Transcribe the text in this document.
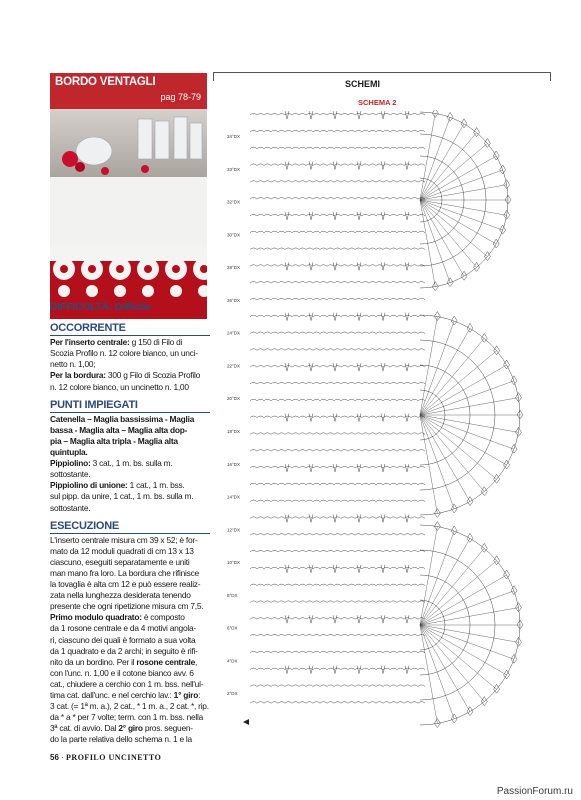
BORDO VENTAGLI
pag 78-79
DIFFICOLTÀ: Difficile
OCCORRENTE

Per l'inserto centrale: g 150 di Filo di

Scozia Profilo n. 12 colore bianco, un unci-

netto n. 1,00;

Per la bordura: 300 g Filo di Scozia Profilo

n. 12 colore bianco, un uncinetto n. 1,00

PUNTI IMPIEGATI

Catenella – Maglia bassissima - Maglia

bassa - Maglia alta – Maglia alta dop-

pia – Maglia alta tripla - Maglia alta

quintupla.

Pippiolino: 3 cat., 1 m. bs. sulla m.

sottostante.

Pippiolino di unione: 1 cat., 1 m. bss.

sul pipp. da unire, 1 cat., 1 m. bs. sulla m.

sottostante.

ESECUZIONE

L'inserto centrale misura cm 39 x 52; è for-

mato da 12 moduli quadrati di cm 13 x 13

ciascuno, eseguiti separatamente e uniti

man mano fra loro. La bordura che rifinisce

la tovaglia è alta cm 12 e può essere realiz-

zata nella lunghezza desiderata tenendo

presente che ogni ripetizione misura cm 7,5.

Primo modulo quadrato: è composto

da 1 rosone centrale e da 4 motivi angola-

ri, ciascuno dei quali è formato a sua volta

da 1 quadrato e da 2 archi; in seguito è rifi-

nito da un bordino. Per il rosone centrale,

con l'unc. n. 1,00 e il cotone bianco avv. 6

cat., chiudere a cerchio con 1 m. bss. nell'ul-

tima cat. dall'unc. e nel cerchio lav.: 1° giro:

3 cat. (= 1ª m. a.), 2 cat., * 1 m. a., 2 cat. *, rip.

da * a * per 7 volte; term. con 1 m. bss. nella

3ª cat. di avvio. Dal 2° giro pros. seguen-

do la parte relativa dello schema n. 1 e la

SCHEMI
SCHEMA 2
34°DX
33°DX
32°DX
30°DX
28°DX
26°DX
24°DX
22°DX
20°DX
18°DX
16°DX
14°DX
12°DX
10°DX
8°DX
6°DX
4°DX
2°DX
56 · PROFILO UNCINETTO
PassionForum.ru
